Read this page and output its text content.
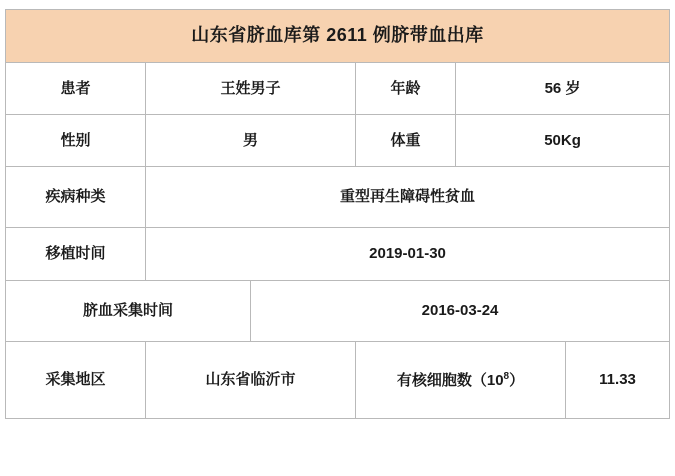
山东省脐血库第 2611 例脐带血出库					
患者	王姓男子		年龄	56 岁	
性别	男		体重	50Kg	
疾病种类	重型再生障碍性贫血				
移植时间	2019-01-30				
脐血采集时间		2016-03-24			
采集地区	山东省临沂市		有核细胞数$(10^8)$		11.33
